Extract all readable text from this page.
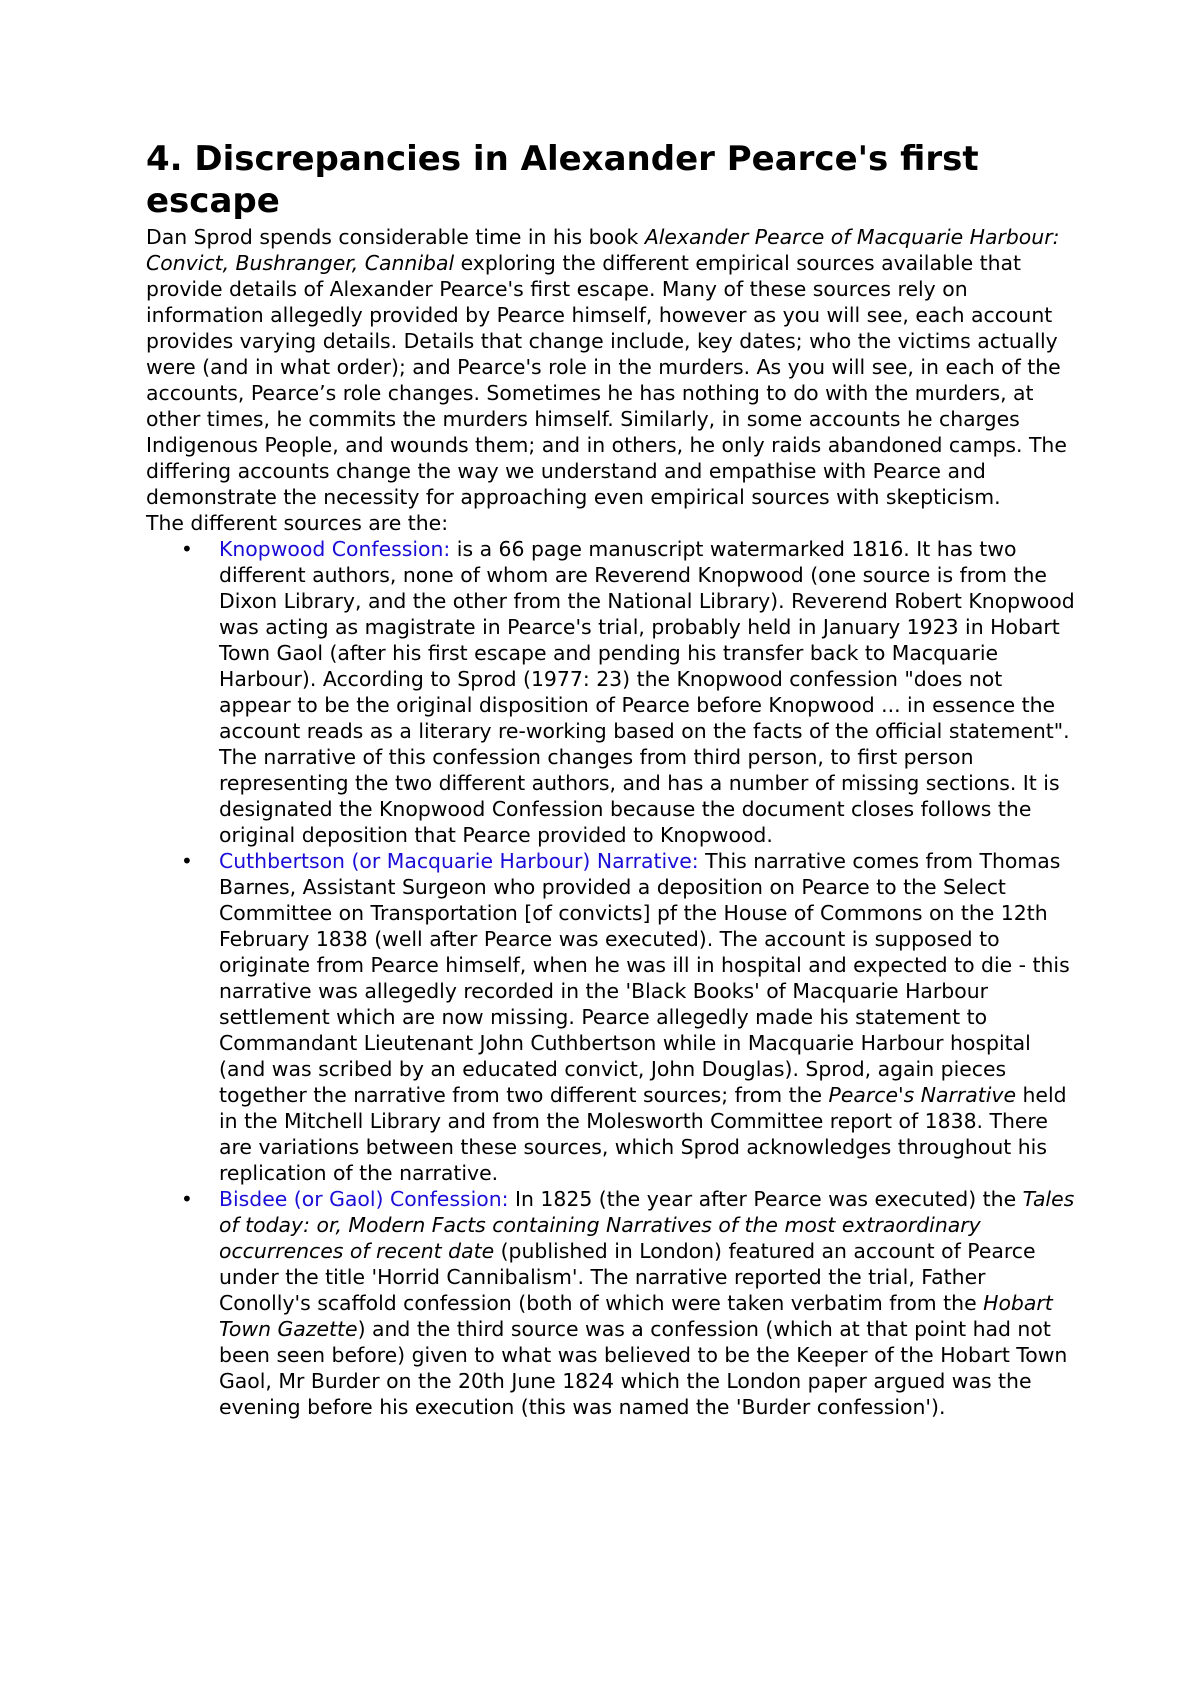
4. Discrepancies in Alexander Pearce's first escape

Dan Sprod spends considerable time in his book Alexander Pearce of Macquarie Harbour: Convict, Bushranger, Cannibal exploring the different empirical sources available that provide details of Alexander Pearce's first escape. Many of these sources rely on information allegedly provided by Pearce himself, however as you will see, each account provides varying details. Details that change include, key dates; who the victims actually were (and in what order); and Pearce's role in the murders. As you will see, in each of the accounts, Pearce’s role changes. Sometimes he has nothing to do with the murders, at other times, he commits the murders himself. Similarly, in some accounts he charges Indigenous People, and wounds them; and in others, he only raids abandoned camps. The differing accounts change the way we understand and empathise with Pearce and demonstrate the necessity for approaching even empirical sources with skepticism.

The different sources are the:

• Knopwood Confession: is a 66 page manuscript watermarked 1816. It has two different authors, none of whom are Reverend Knopwood (one source is from the Dixon Library, and the other from the National Library). Reverend Robert Knopwood was acting as magistrate in Pearce's trial, probably held in January 1923 in Hobart Town Gaol (after his first escape and pending his transfer back to Macquarie Harbour). According to Sprod (1977: 23) the Knopwood confession "does not appear to be the original disposition of Pearce before Knopwood ... in essence the account reads as a literary re-working based on the facts of the official statement". The narrative of this confession changes from third person, to first person representing the two different authors, and has a number of missing sections. It is designated the Knopwood Confession because the document closes follows the original deposition that Pearce provided to Knopwood.
• Cuthbertson (or Macquarie Harbour) Narrative: This narrative comes from Thomas Barnes, Assistant Surgeon who provided a deposition on Pearce to the Select Committee on Transportation [of convicts] pf the House of Commons on the 12th February 1838 (well after Pearce was executed). The account is supposed to originate from Pearce himself, when he was ill in hospital and expected to die - this narrative was allegedly recorded in the 'Black Books' of Macquarie Harbour settlement which are now missing. Pearce allegedly made his statement to Commandant Lieutenant John Cuthbertson while in Macquarie Harbour hospital (and was scribed by an educated convict, John Douglas). Sprod, again pieces together the narrative from two different sources; from the Pearce's Narrative held in the Mitchell Library and from the Molesworth Committee report of 1838. There are variations between these sources, which Sprod acknowledges throughout his replication of the narrative.
• Bisdee (or Gaol) Confession: In 1825 (the year after Pearce was executed) the Tales of today: or, Modern Facts containing Narratives of the most extraordinary occurrences of recent date (published in London) featured an account of Pearce under the title 'Horrid Cannibalism'. The narrative reported the trial, Father Conolly's scaffold confession (both of which were taken verbatim from the Hobart Town Gazette) and the third source was a confession (which at that point had not been seen before) given to what was believed to be the Keeper of the Hobart Town Gaol, Mr Burder on the 20th June 1824 which the London paper argued was the evening before his execution (this was named the 'Burder confession').
